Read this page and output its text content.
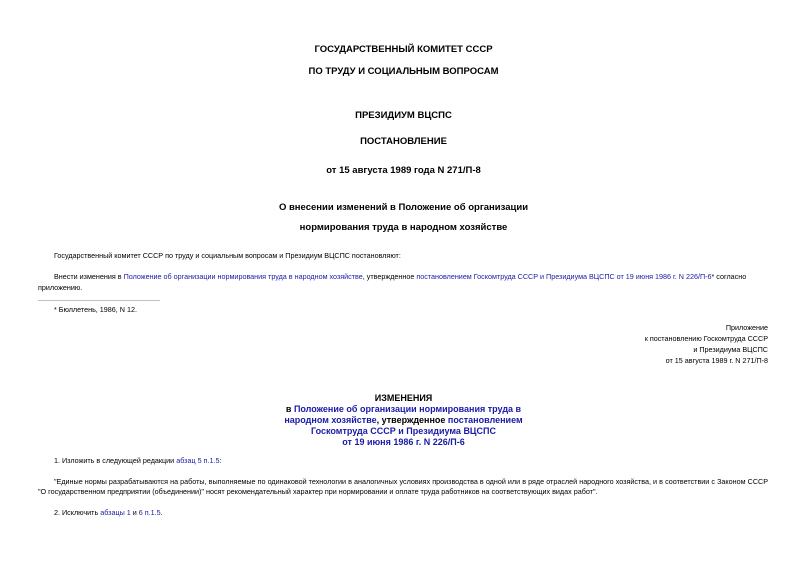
ГОСУДАРСТВЕННЫЙ КОМИТЕТ СССР
ПО ТРУДУ И СОЦИАЛЬНЫМ ВОПРОСАМ
ПРЕЗИДИУМ ВЦСПС
ПОСТАНОВЛЕНИЕ
от 15 августа 1989 года N 271/П-8
О внесении изменений в Положение об организации
нормирования труда в народном хозяйстве
Государственный комитет СССР по труду и социальным вопросам и Президиум ВЦСПС постановляют:
Внести изменения в Положение об организации нормирования труда в народном хозяйстве, утвержденное постановлением Госкомтруда СССР и Президиума ВЦСПС от 19 июня 1986 г. N 226/П-6* согласно
приложению.
* Бюллетень, 1986, N 12.
Приложение
к постановлению Госкомтруда СССР
и Президиума ВЦСПС
от 15 августа 1989 г. N 271/П-8
ИЗМЕНЕНИЯ
в Положение об организации нормирования труда в
народном хозяйстве, утвержденное постановлением
Госкомтруда СССР и Президиума ВЦСПС
от 19 июня 1986 г. N 226/П-6
1. Изложить в следующей редакции абзац 5 п.1.5:
"Единые нормы разрабатываются на работы, выполняемые по одинаковой технологии в аналогичных условиях производства в одной или в ряде отраслей народного хозяйства, и в соответствии с Законом СССР "О государственном предприятии (объединении)" носят рекомендательный характер при нормировании и оплате труда работников на соответствующих видах работ".
2. Исключить абзацы 1 и 6 п.1.5.
